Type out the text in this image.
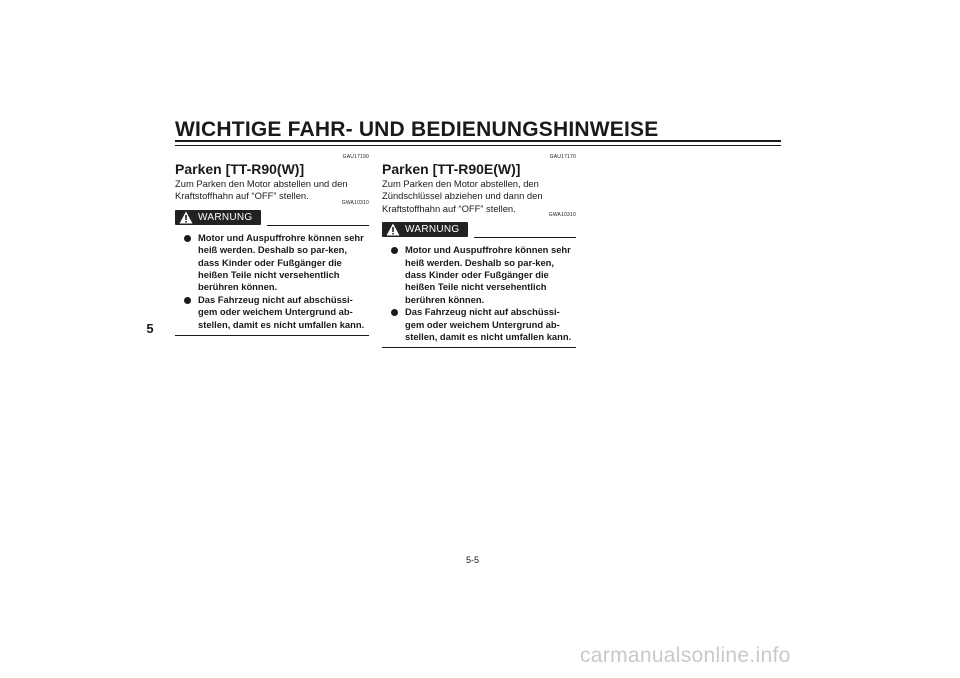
WICHTIGE FAHR- UND BEDIENUNGSHINWEISE
5
GAU17190
Parken [TT-R90(W)]
Zum Parken den Motor abstellen und den Kraftstoffhahn auf “OFF” stellen.
GWA10310
WARNUNG
Motor und Auspuffrohre können sehr heiß werden. Deshalb so par-ken, dass Kinder oder Fußgänger die heißen Teile nicht versehentlich berühren können.
Das Fahrzeug nicht auf abschüssi-gem oder weichem Untergrund ab-stellen, damit es nicht umfallen kann.
GAU17170
Parken [TT-R90E(W)]
Zum Parken den Motor abstellen, den Zündschlüssel abziehen und dann den Kraftstoffhahn auf “OFF” stellen.
GWA10310
WARNUNG
Motor und Auspuffrohre können sehr heiß werden. Deshalb so par-ken, dass Kinder oder Fußgänger die heißen Teile nicht versehentlich berühren können.
Das Fahrzeug nicht auf abschüssi-gem oder weichem Untergrund ab-stellen, damit es nicht umfallen kann.
5-5
carmanualsonline.info
